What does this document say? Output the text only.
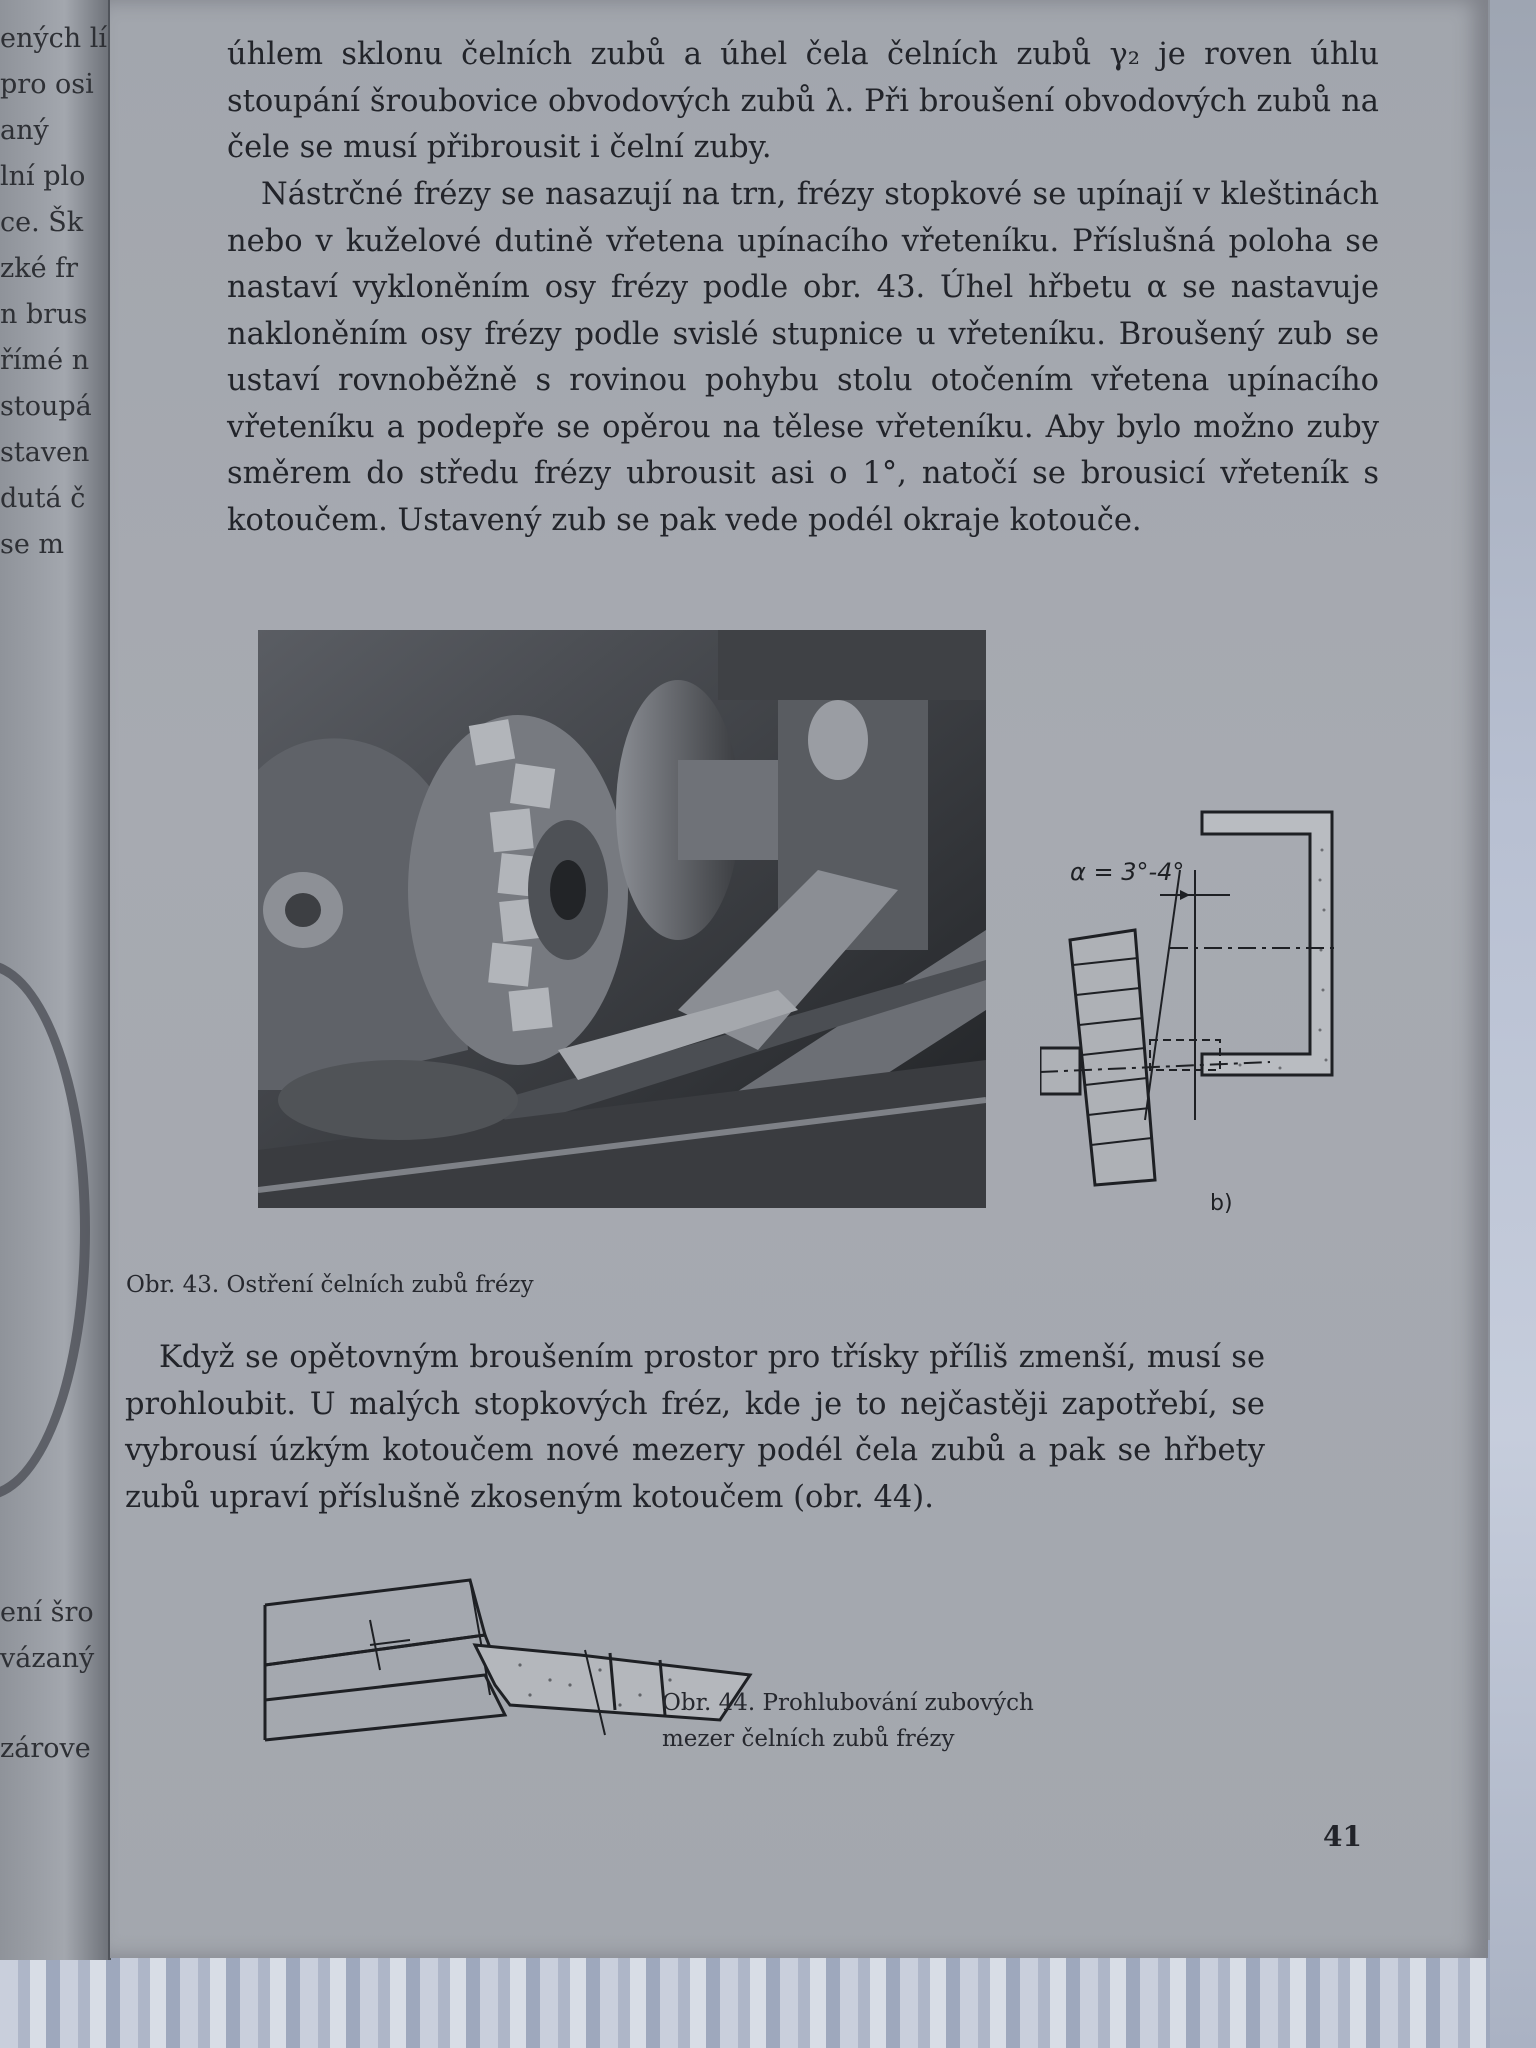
ených lí
pro osi
aný
lní plo
ce. Šk
zké fr
n brus
římé n
stoupá
staven
dutá č
se m
ení šro
vázaný
zárove

úhlem sklonu čelních zubů a úhel čela čelních zubů γ₂ je roven úhlu stoupání šroubovice obvodových zubů λ. Při broušení obvodových zubů na čele se musí přibrousit i čelní zuby.

Nástrčné frézy se nasazují na trn, frézy stopkové se upínají v kleštinách nebo v kuželové dutině vřetena upínacího vřeteníku. Příslušná poloha se nastaví vykloněním osy frézy podle obr. 43. Úhel hřbetu α se nastavuje nakloněním osy frézy podle svislé stupnice u vřeteníku. Broušený zub se ustaví rovnoběžně s rovinou pohybu stolu otočením vřetena upínacího vřeteníku a podepře se opěrou na tělese vřeteníku. Aby bylo možno zuby směrem do středu frézy ubrousit asi o 1°, natočí se brousicí vřeteník s kotoučem. Ustavený zub se pak vede podél okraje kotouče.

α = 3°-4°
b)
Obr. 43. Ostření čelních zubů frézy

Když se opětovným broušením prostor pro třísky příliš zmenší, musí se prohloubit. U malých stopkových fréz, kde je to nejčastěji zapotřebí, se vybrousí úzkým kotoučem nové mezery podél čela zubů a pak se hřbety zubů upraví příslušně zkoseným kotoučem (obr. 44).

Obr. 44. Prohlubování zubových
mezer čelních zubů frézy
41
